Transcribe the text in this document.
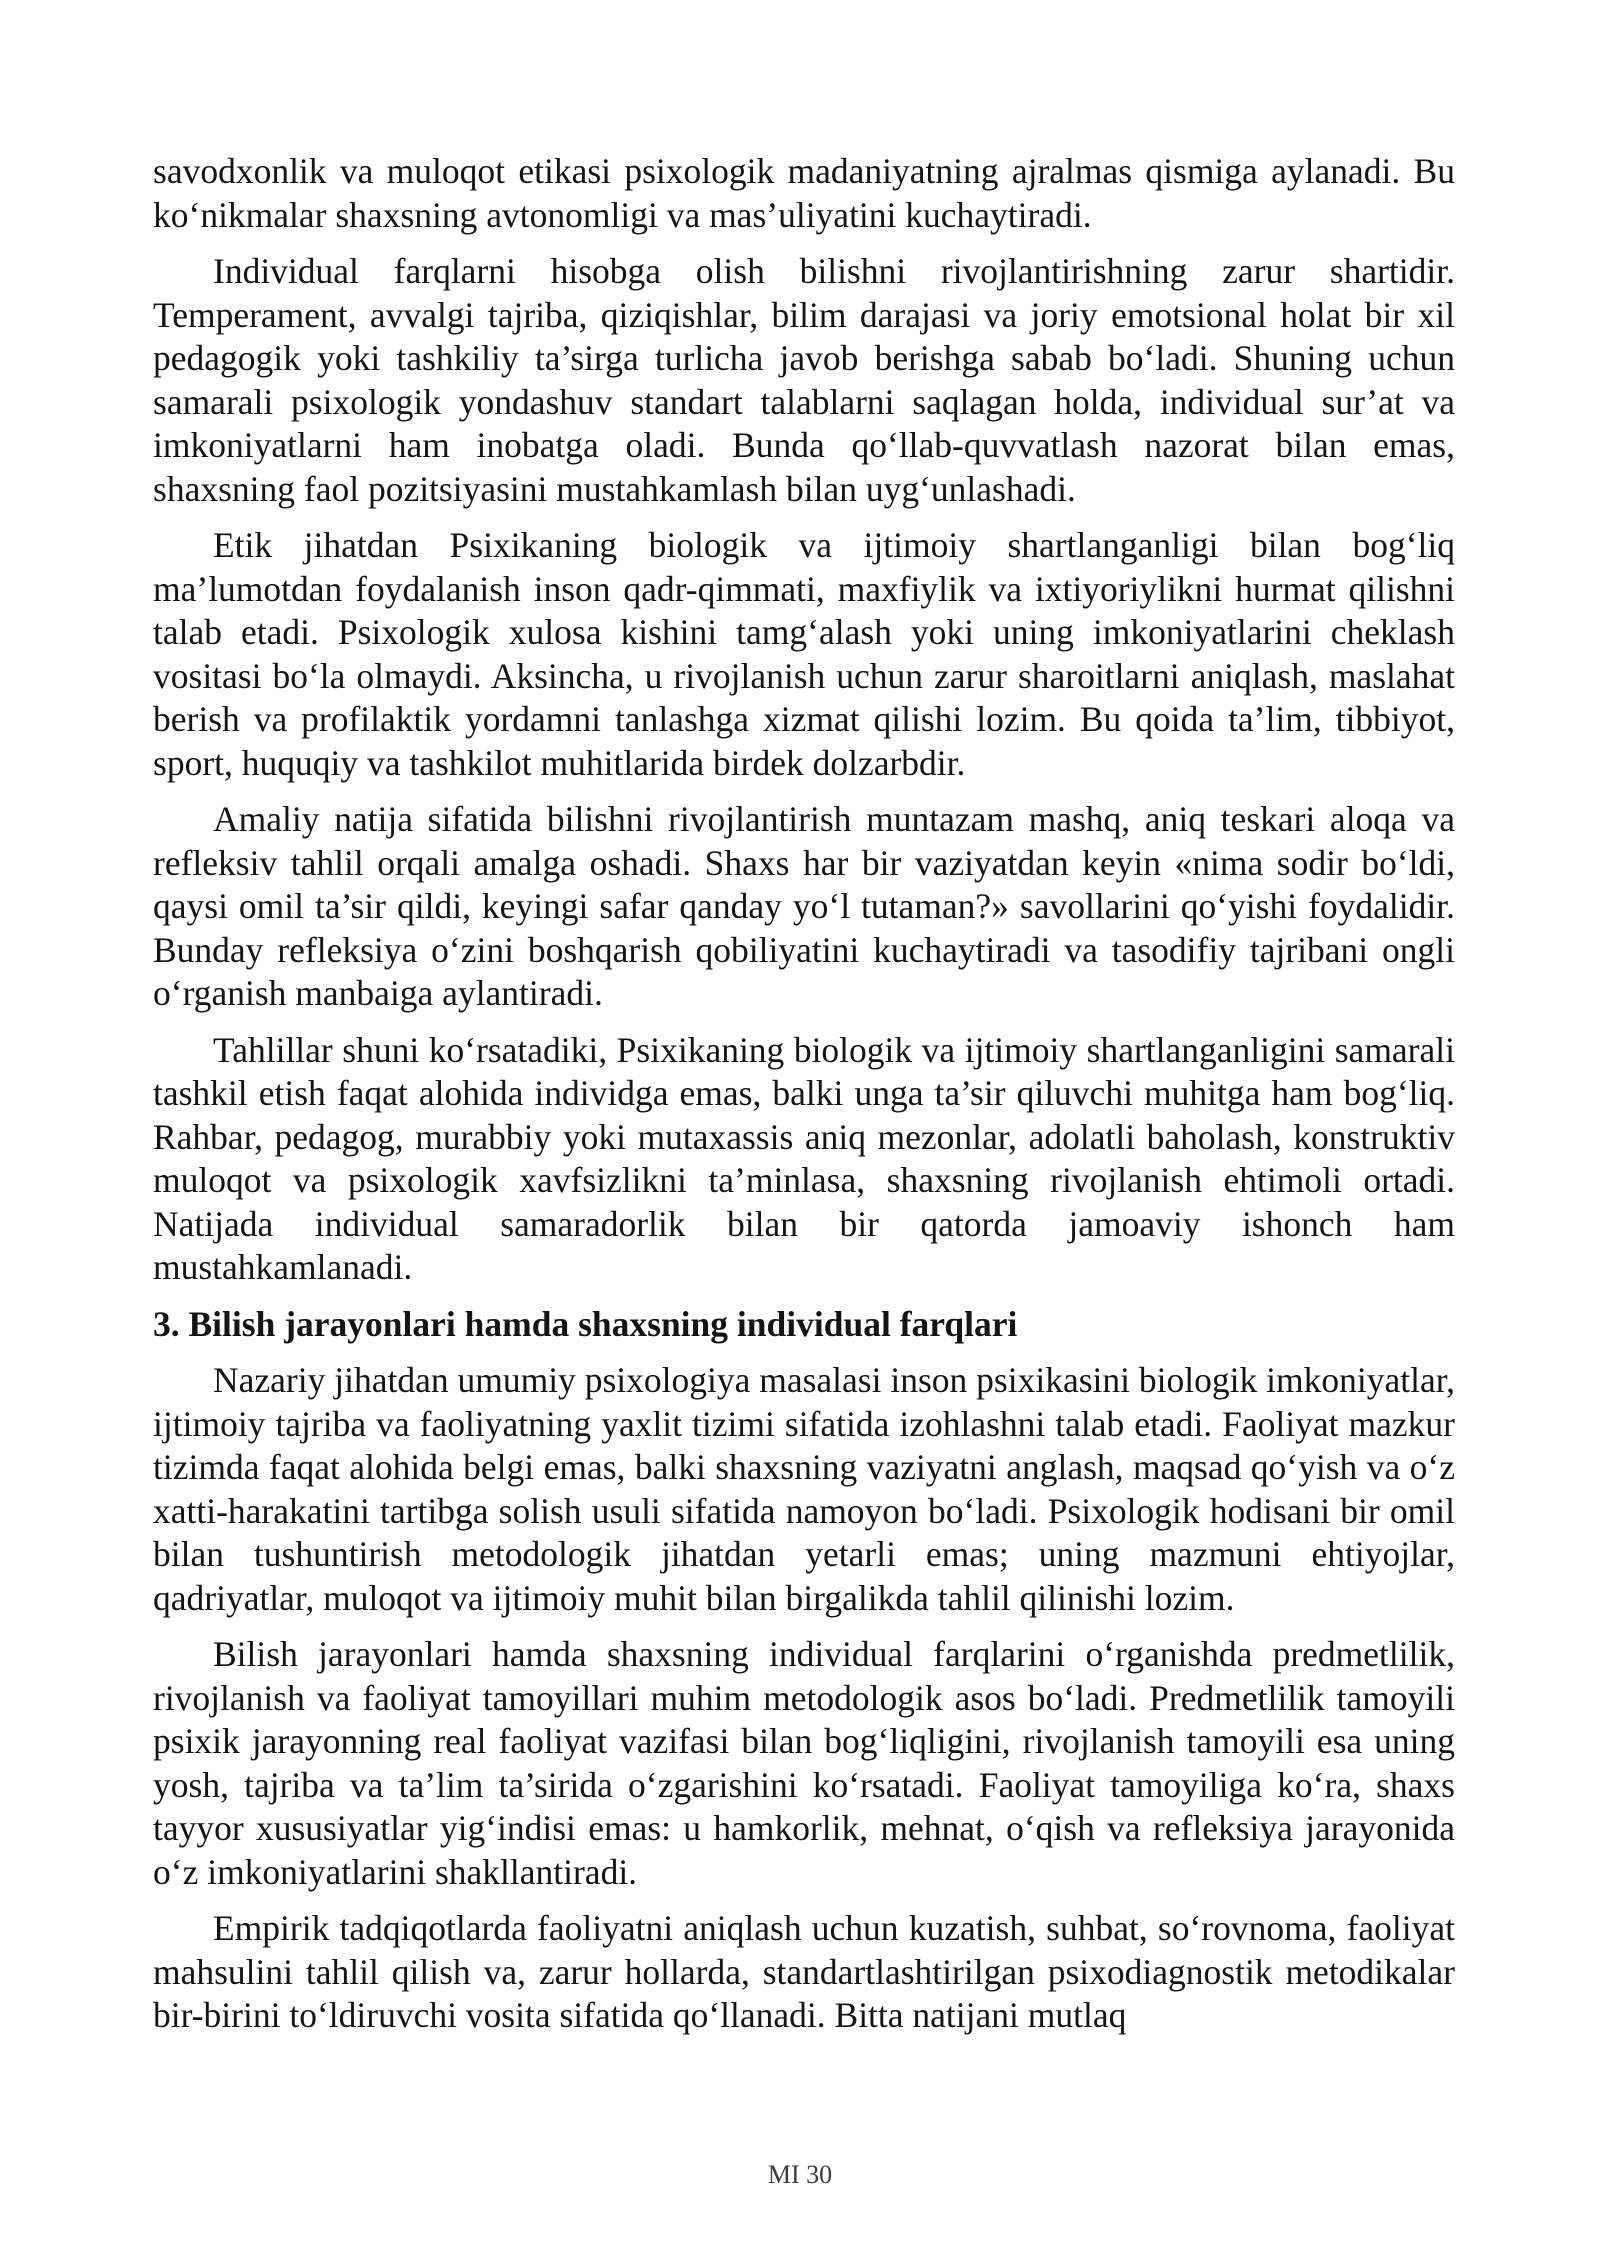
savodxonlik va muloqot etikasi psixologik madaniyatning ajralmas qismiga aylanadi. Bu ko‘nikmalar shaxsning avtonomligi va mas’uliyatini kuchaytiradi.

Individual farqlarni hisobga olish bilishni rivojlantirishning zarur shartidir. Temperament, avvalgi tajriba, qiziqishlar, bilim darajasi va joriy emotsional holat bir xil pedagogik yoki tashkiliy ta’sirga turlicha javob berishga sabab bo‘ladi. Shuning uchun samarali psixologik yondashuv standart talablarni saqlagan holda, individual sur’at va imkoniyatlarni ham inobatga oladi. Bunda qo‘llab-quvvatlash nazorat bilan emas, shaxsning faol pozitsiyasini mustahkamlash bilan uyg‘unlashadi.

Etik jihatdan Psixikaning biologik va ijtimoiy shartlanganligi bilan bog‘liq ma’lumotdan foydalanish inson qadr-qimmati, maxfiylik va ixtiyoriylikni hurmat qilishni talab etadi. Psixologik xulosa kishini tamg‘alash yoki uning imkoniyatlarini cheklash vositasi bo‘la olmaydi. Aksincha, u rivojlanish uchun zarur sharoitlarni aniqlash, maslahat berish va profilaktik yordamni tanlashga xizmat qilishi lozim. Bu qoida ta’lim, tibbiyot, sport, huquqiy va tashkilot muhitlarida birdek dolzarbdir.

Amaliy natija sifatida bilishni rivojlantirish muntazam mashq, aniq teskari aloqa va refleksiv tahlil orqali amalga oshadi. Shaxs har bir vaziyatdan keyin «nima sodir bo‘ldi, qaysi omil ta’sir qildi, keyingi safar qanday yo‘l tutaman?» savollarini qo‘yishi foydalidir. Bunday refleksiya o‘zini boshqarish qobiliyatini kuchaytiradi va tasodifiy tajribani ongli o‘rganish manbaiga aylantiradi.

Tahlillar shuni ko‘rsatadiki, Psixikaning biologik va ijtimoiy shartlanganligini samarali tashkil etish faqat alohida individga emas, balki unga ta’sir qiluvchi muhitga ham bog‘liq. Rahbar, pedagog, murabbiy yoki mutaxassis aniq mezonlar, adolatli baholash, konstruktiv muloqot va psixologik xavfsizlikni ta’minlasa, shaxsning rivojlanish ehtimoli ortadi. Natijada individual samaradorlik bilan bir qatorda jamoaviy ishonch ham mustahkamlanadi.

3. Bilish jarayonlari hamda shaxsning individual farqlari

Nazariy jihatdan umumiy psixologiya masalasi inson psixikasini biologik imkoniyatlar, ijtimoiy tajriba va faoliyatning yaxlit tizimi sifatida izohlashni talab etadi. Faoliyat mazkur tizimda faqat alohida belgi emas, balki shaxsning vaziyatni anglash, maqsad qo‘yish va o‘z xatti-harakatini tartibga solish usuli sifatida namoyon bo‘ladi. Psixologik hodisani bir omil bilan tushuntirish metodologik jihatdan yetarli emas; uning mazmuni ehtiyojlar, qadriyatlar, muloqot va ijtimoiy muhit bilan birgalikda tahlil qilinishi lozim.

Bilish jarayonlari hamda shaxsning individual farqlarini o‘rganishda predmetlilik, rivojlanish va faoliyat tamoyillari muhim metodologik asos bo‘ladi. Predmetlilik tamoyili psixik jarayonning real faoliyat vazifasi bilan bog‘liqligini, rivojlanish tamoyili esa uning yosh, tajriba va ta’lim ta’sirida o‘zgarishini ko‘rsatadi. Faoliyat tamoyiliga ko‘ra, shaxs tayyor xususiyatlar yig‘indisi emas: u hamkorlik, mehnat, o‘qish va refleksiya jarayonida o‘z imkoniyatlarini shakllantiradi.

Empirik tadqiqotlarda faoliyatni aniqlash uchun kuzatish, suhbat, so‘rovnoma, faoliyat mahsulini tahlil qilish va, zarur hollarda, standartlashtirilgan psixodiagnostik metodikalar bir-birini to‘ldiruvchi vosita sifatida qo‘llanadi. Bitta natijani mutlaq

MI 30
